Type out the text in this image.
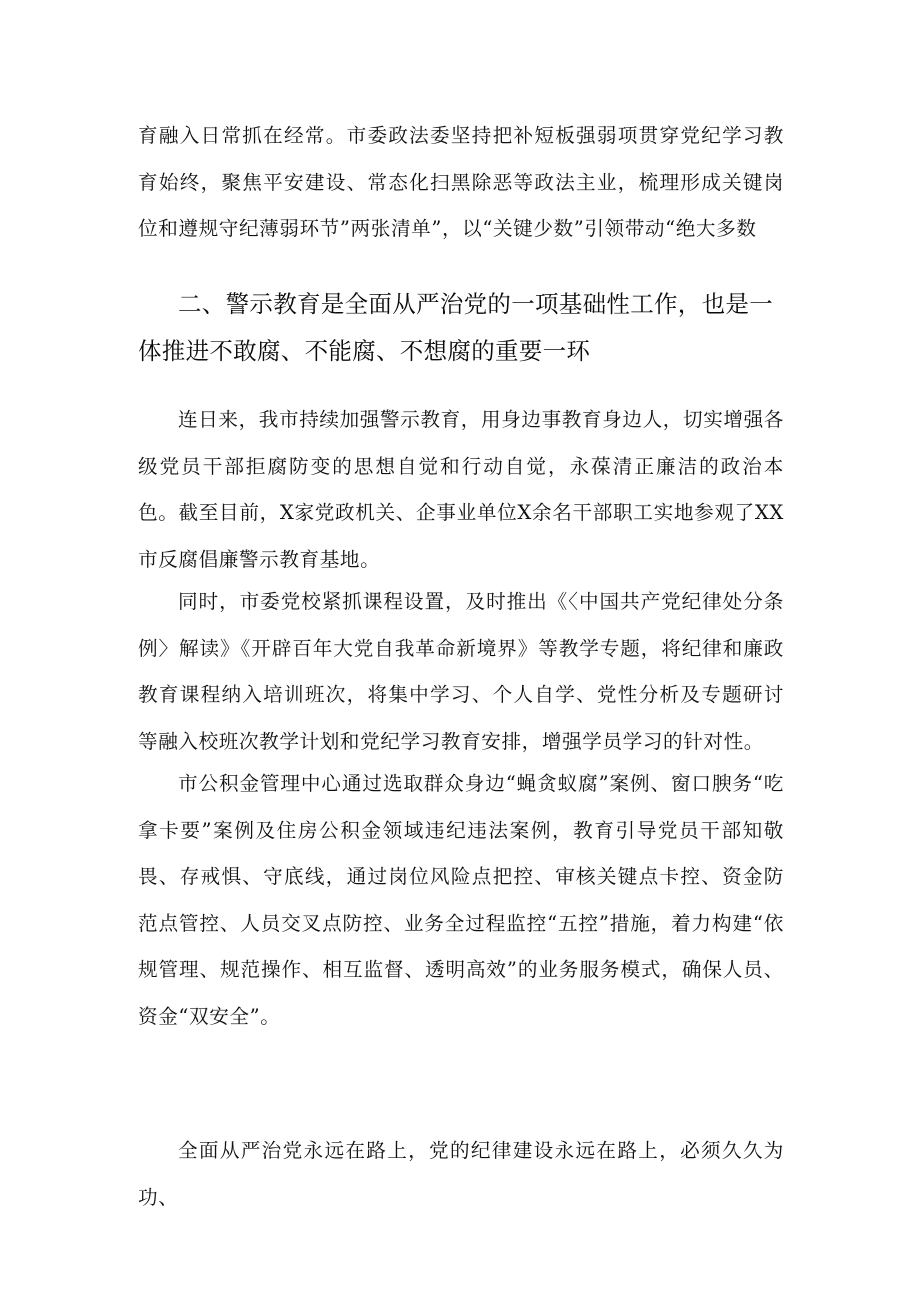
育融入日常抓在经常。市委政法委坚持把补短板强弱项贯穿党纪学习教育始终，聚焦平安建设、常态化扫黑除恶等政法主业，梳理形成关键岗位和遵规守纪薄弱环节”两张清单”，以“关键少数”引领带动“绝大多数

二、警示教育是全面从严治党的一项基础性工作，也是一体推进不敢腐、不能腐、不想腐的重要一环

连日来，我市持续加强警示教育，用身边事教育身边人，切实增强各级党员干部拒腐防变的思想自觉和行动自觉，永葆清正廉洁的政治本色。截至目前，X家党政机关、企事业单位X余名干部职工实地参观了XX市反腐倡廉警示教育基地。

同时，市委党校紧抓课程设置，及时推出《〈中国共产党纪律处分条例〉解读》《开辟百年大党自我革命新境界》等教学专题，将纪律和廉政教育课程纳入培训班次，将集中学习、个人自学、党性分析及专题研讨等融入校班次教学计划和党纪学习教育安排，增强学员学习的针对性。

市公积金管理中心通过选取群众身边“蝇贪蚁腐”案例、窗口腴务“吃拿卡要”案例及住房公积金领域违纪违法案例，教育引导党员干部知敬畏、存戒惧、守底线，通过岗位风险点把控、审核关键点卡控、资金防范点管控、人员交叉点防控、业务全过程监控“五控”措施，着力构建“依规管理、规范操作、相互监督、透明高效”的业务服务模式，确保人员、资金“双安全”。

全面从严治党永远在路上，党的纪律建设永远在路上，必须久久为功、
